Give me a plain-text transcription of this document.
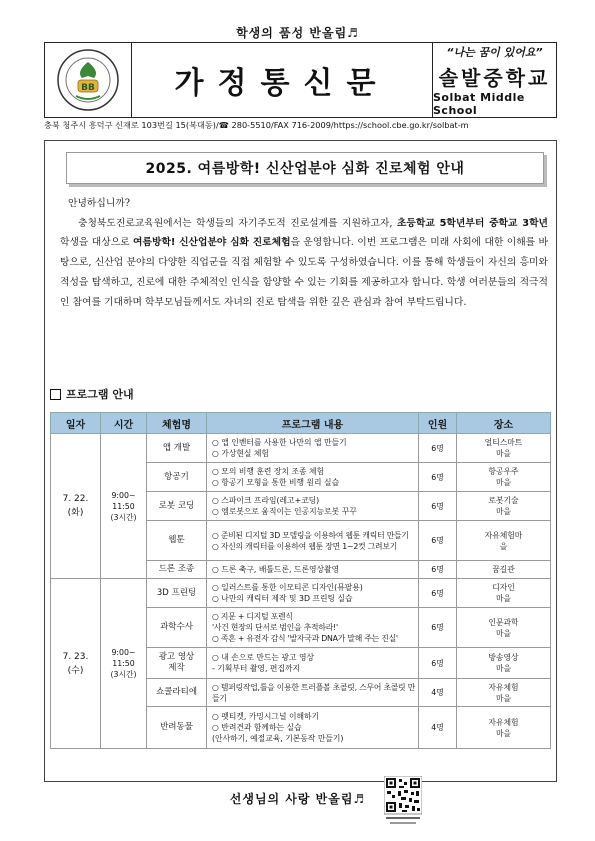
학생의 품성 반올림♬
BB	가정통신문
“나는 꿈이 있어요”
솔발중학교
Solbat Middle School
충북 청주시 흥덕구 신재로 103번길 15(복대동)/☎ 280-5510/FAX 716-2009/https://school.cbe.go.kr/solbat-m
2025. 여름방학! 신산업분야 심화 진로체험 안내

안녕하십니까?

충청북도진로교육원에서는 학생들의 자기주도적 진로설계를 지원하고자, 초등학교 5학년부터 중학교 3학년 학생을 대상으로 여름방학! 신산업분야 심화 진로체험을 운영합니다. 이번 프로그램은 미래 사회에 대한 이해를 바탕으로, 신산업 분야의 다양한 직업군을 직접 체험할 수 있도록 구성하였습니다. 이를 통해 학생들이 자신의 흥미와 적성을 탐색하고, 진로에 대한 주체적인 인식을 함양할 수 있는 기회를 제공하고자 합니다. 학생 여러분들의 적극적인 참여를 기대하며 학부모님들께서도 자녀의 진로 탐색을 위한 깊은 관심과 참여 부탁드립니다.

프로그램 안내
일자	시간	체험명	프로그램 내용	인원	장소

7. 22.
(화)	9:00~
11:50
(3시간)	앱 개발	○ 앱 인벤터를 사용한 나만의 앱 만들기
○ 가상현실 체험	6명	얼티스마트
마을

		항공기	○ 모의 비행 훈련 장치 조종 체험
○ 항공기 모형을 통한 비행 원리 실습	6명	항공우주
마을

		로봇 코딩	○ 스파이크 프라임(레고+코딩)
○ 엠로봇으로 움직이는 인공지능로봇 꾸꾸	6명	로봇기술
마을

		웹툰	○ 준비된 디지털 3D 모델링을 이용하여 웹툰 캐릭터 만들기
○ 자신의 캐릭터를 이용하여 웹툰 장면 1~2컷 그려보기	6명	자유체험마
을

		드론 조종	○ 드론 축구, 배틀드론, 드론영상촬영	6명	꿈길관

7. 23.
(수)	9:00~
11:50
(3시간)	3D 프린팅	○ 일러스트를 통한 이모티콘 디자인(뮤팔용)
○ 나만의 캐릭터 제작 및 3D 프린팅 실습	6명	디자인
마을

		과학수사	○ 지문 + 디지털 포렌식
'사건 현장의 단서로 범인을 추적하라!'
○ 족흔 + 유전자 감식 '발자국과 DNA가 말해 주는 진실'	6명	인문과학
마을

		광고 영상
제작	○ 내 손으로 만드는 광고 영상
- 기획부터 촬영, 편집까지	6명	방송영상
마을

		쇼콜라티에	○ 템퍼링작업,틀을 이용한 트러플볼 초콜릿, 스무어 초콜릿 만들기	4명	자유체험
마을

		반려동물	○ 펫티켓, 카밍시그널 이해하기
○ 반려견과 함께하는 실습
(안사하기, 예절교육, 기본동작 만들기)	4명	자유체험
마을
선생님의 사랑 반올림♬
